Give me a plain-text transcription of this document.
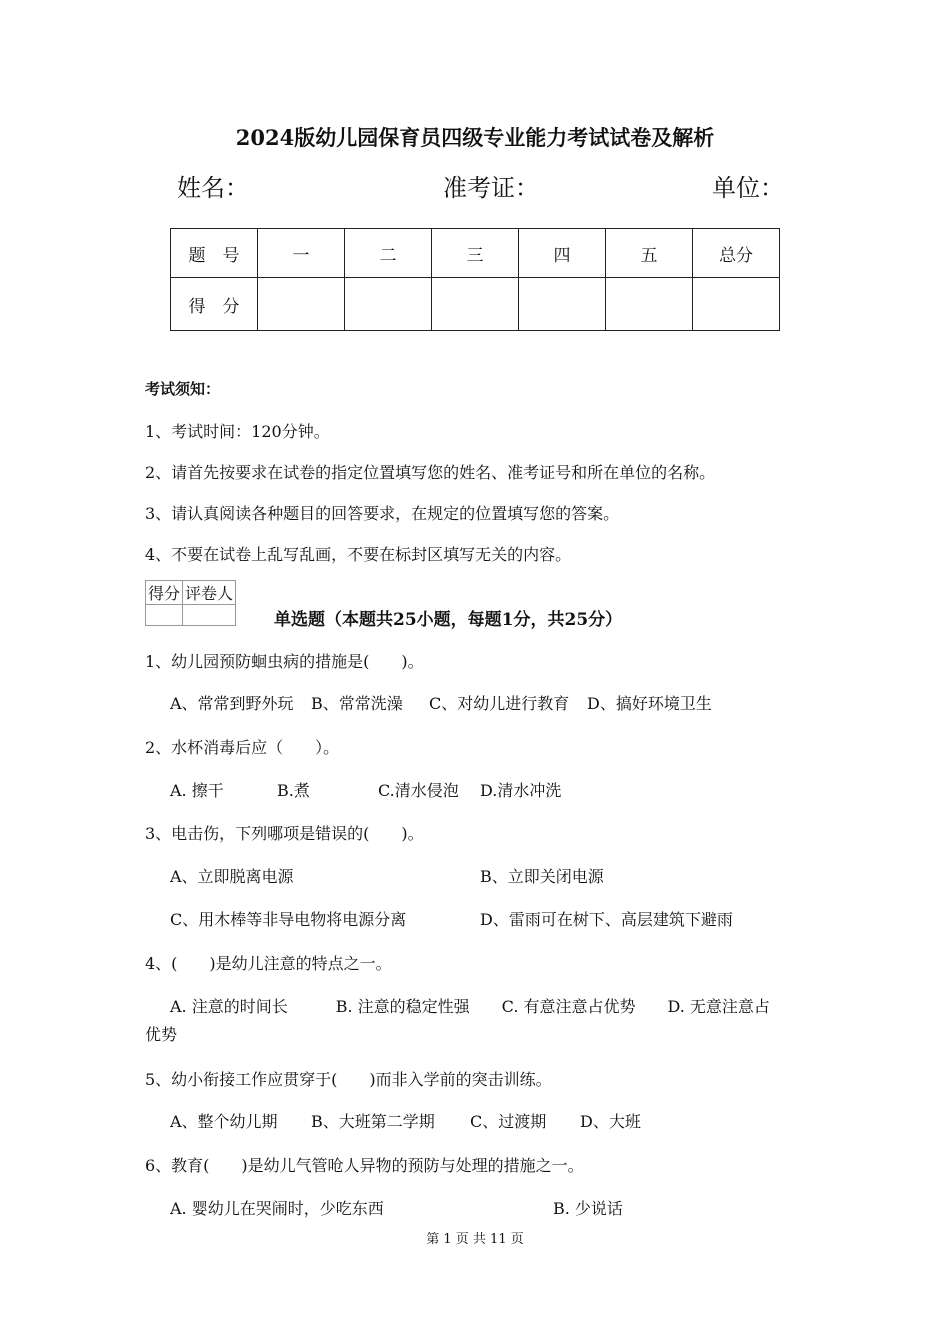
2024版幼儿园保育员四级专业能力考试试卷及解析
姓名：	准考证：	单位：
题　号	一	二	三	四	五	总分
得　分						
考试须知：
1、考试时间：120分钟。
2、请首先按要求在试卷的指定位置填写您的姓名、准考证号和所在单位的名称。
3、请认真阅读各种题目的回答要求，在规定的位置填写您的答案。
4、不要在试卷上乱写乱画，不要在标封区填写无关的内容。
得分	评卷人

单选题（本题共25小题，每题1分，共25分）
1、幼儿园预防蛔虫病的措施是(　　)。
A、常常到野外玩 B、常常洗澡 C、对幼儿进行教育 D、搞好环境卫生
2、水杯消毒后应（　　）。
A. 擦干	B.煮	C.清水侵泡 D.清水冲洗
3、电击伤，下列哪项是错误的(　　)。
A、立即脱离电源	B、立即关闭电源
C、用木棒等非导电物将电源分离	D、雷雨可在树下、高层建筑下避雨
4、(　　)是幼儿注意的特点之一。
A. 注意的时间长　　　B. 注意的稳定性强　　C. 有意注意占优势　　D. 无意注意占
优势
5、幼小衔接工作应贯穿于(　　)而非入学前的突击训练。
A、整个幼儿期 B、大班第二学期 C、过渡期 D、大班
6、教育(　　)是幼儿气管呛人异物的预防与处理的措施之一。
A. 婴幼儿在哭闹时，少吃东西	B. 少说话
第 1 页 共 11 页
